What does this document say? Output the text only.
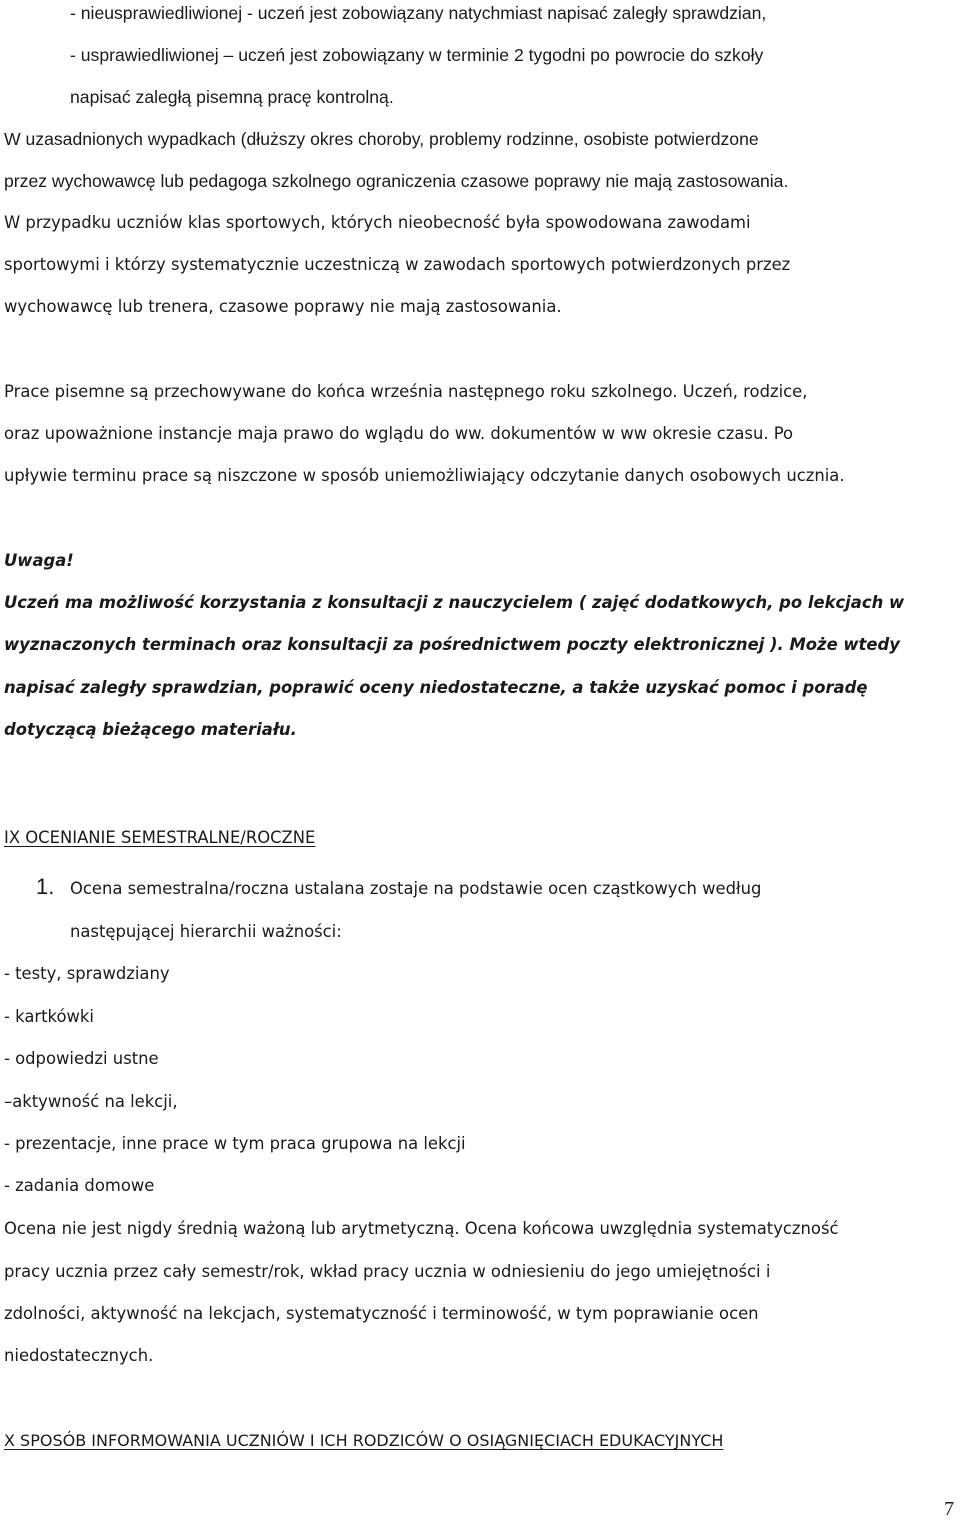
- nieusprawiedliwionej - uczeń jest zobowiązany natychmiast napisać zaległy sprawdzian,
- usprawiedliwionej – uczeń jest zobowiązany w terminie 2 tygodni po powrocie do szkoły
napisać zaległą pisemną pracę kontrolną.
W uzasadnionych wypadkach (dłuższy okres choroby, problemy rodzinne, osobiste potwierdzone
przez wychowawcę lub pedagoga szkolnego ograniczenia czasowe poprawy nie mają zastosowania.
W przypadku uczniów klas sportowych, których nieobecność była spowodowana zawodami
sportowymi i którzy systematycznie uczestniczą w zawodach sportowych potwierdzonych przez
wychowawcę lub trenera, czasowe poprawy nie mają zastosowania.
Prace pisemne są przechowywane do końca września następnego roku szkolnego. Uczeń, rodzice,
oraz upoważnione instancje maja prawo do wglądu do ww. dokumentów w ww okresie czasu. Po
upływie terminu prace są niszczone w sposób uniemożliwiający odczytanie danych osobowych ucznia.
Uwaga!
Uczeń ma możliwość korzystania z konsultacji z nauczycielem ( zajęć dodatkowych, po lekcjach w
wyznaczonych terminach oraz konsultacji za pośrednictwem poczty elektronicznej ). Może wtedy
napisać zaległy sprawdzian, poprawić oceny niedostateczne, a także uzyskać pomoc i poradę
dotyczącą bieżącego materiału.
IX OCENIANIE SEMESTRALNE/ROCZNE
1. Ocena semestralna/roczna ustalana zostaje na podstawie ocen cząstkowych według
następującej hierarchii ważności:
- testy, sprawdziany
- kartkówki
- odpowiedzi ustne
–aktywność na lekcji,
- prezentacje, inne prace w tym praca grupowa na lekcji
- zadania domowe
Ocena nie jest nigdy średnią ważoną lub arytmetyczną. Ocena końcowa uwzględnia systematyczność
pracy ucznia przez cały semestr/rok, wkład pracy ucznia w odniesieniu do jego umiejętności i
zdolności, aktywność na lekcjach, systematyczność i terminowość, w tym poprawianie ocen
niedostatecznych.
X SPOSÓB INFORMOWANIA UCZNIÓW I ICH RODZICÓW O OSIĄGNIĘCIACH EDUKACYJNYCH
7
